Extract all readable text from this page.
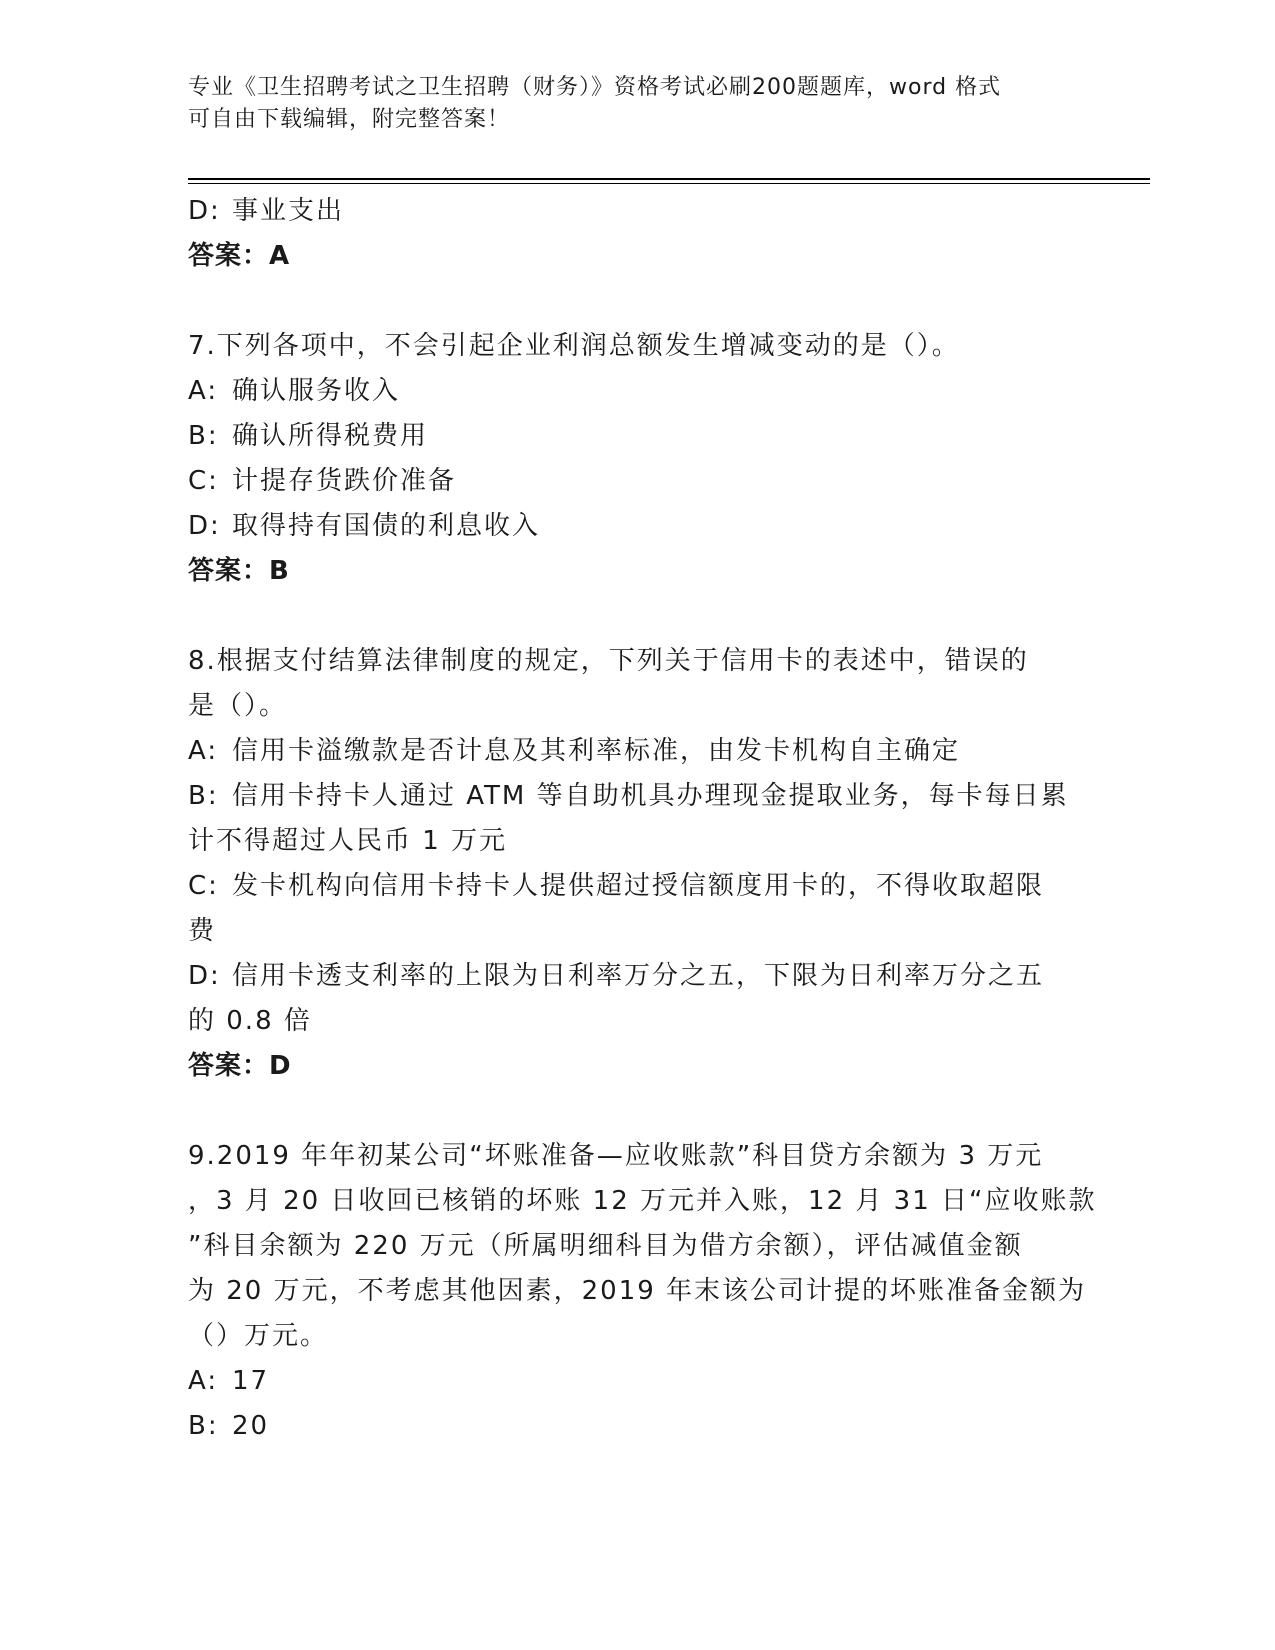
专业《卫生招聘考试之卫生招聘（财务）》资格考试必刷200题题库，word 格式
可自由下载编辑，附完整答案！
D: 事业支出
答案：A
7.下列各项中，不会引起企业利润总额发生增减变动的是（）。
A: 确认服务收入
B: 确认所得税费用
C: 计提存货跌价准备
D: 取得持有国债的利息收入
答案：B
8.根据支付结算法律制度的规定，下列关于信用卡的表述中，错误的
是（）。
A: 信用卡溢缴款是否计息及其利率标准，由发卡机构自主确定
B: 信用卡持卡人通过 ATM 等自助机具办理现金提取业务，每卡每日累
计不得超过人民币 1 万元
C: 发卡机构向信用卡持卡人提供超过授信额度用卡的，不得收取超限
费
D: 信用卡透支利率的上限为日利率万分之五，下限为日利率万分之五
的 0.8 倍
答案：D
9.2019 年年初某公司“坏账准备—应收账款”科目贷方余额为 3 万元
，3 月 20 日收回已核销的坏账 12 万元并入账，12 月 31 日“应收账款
”科目余额为 220 万元（所属明细科目为借方余额），评估减值金额
为 20 万元，不考虑其他因素，2019 年末该公司计提的坏账准备金额为
（）万元。
A: 17
B: 20
